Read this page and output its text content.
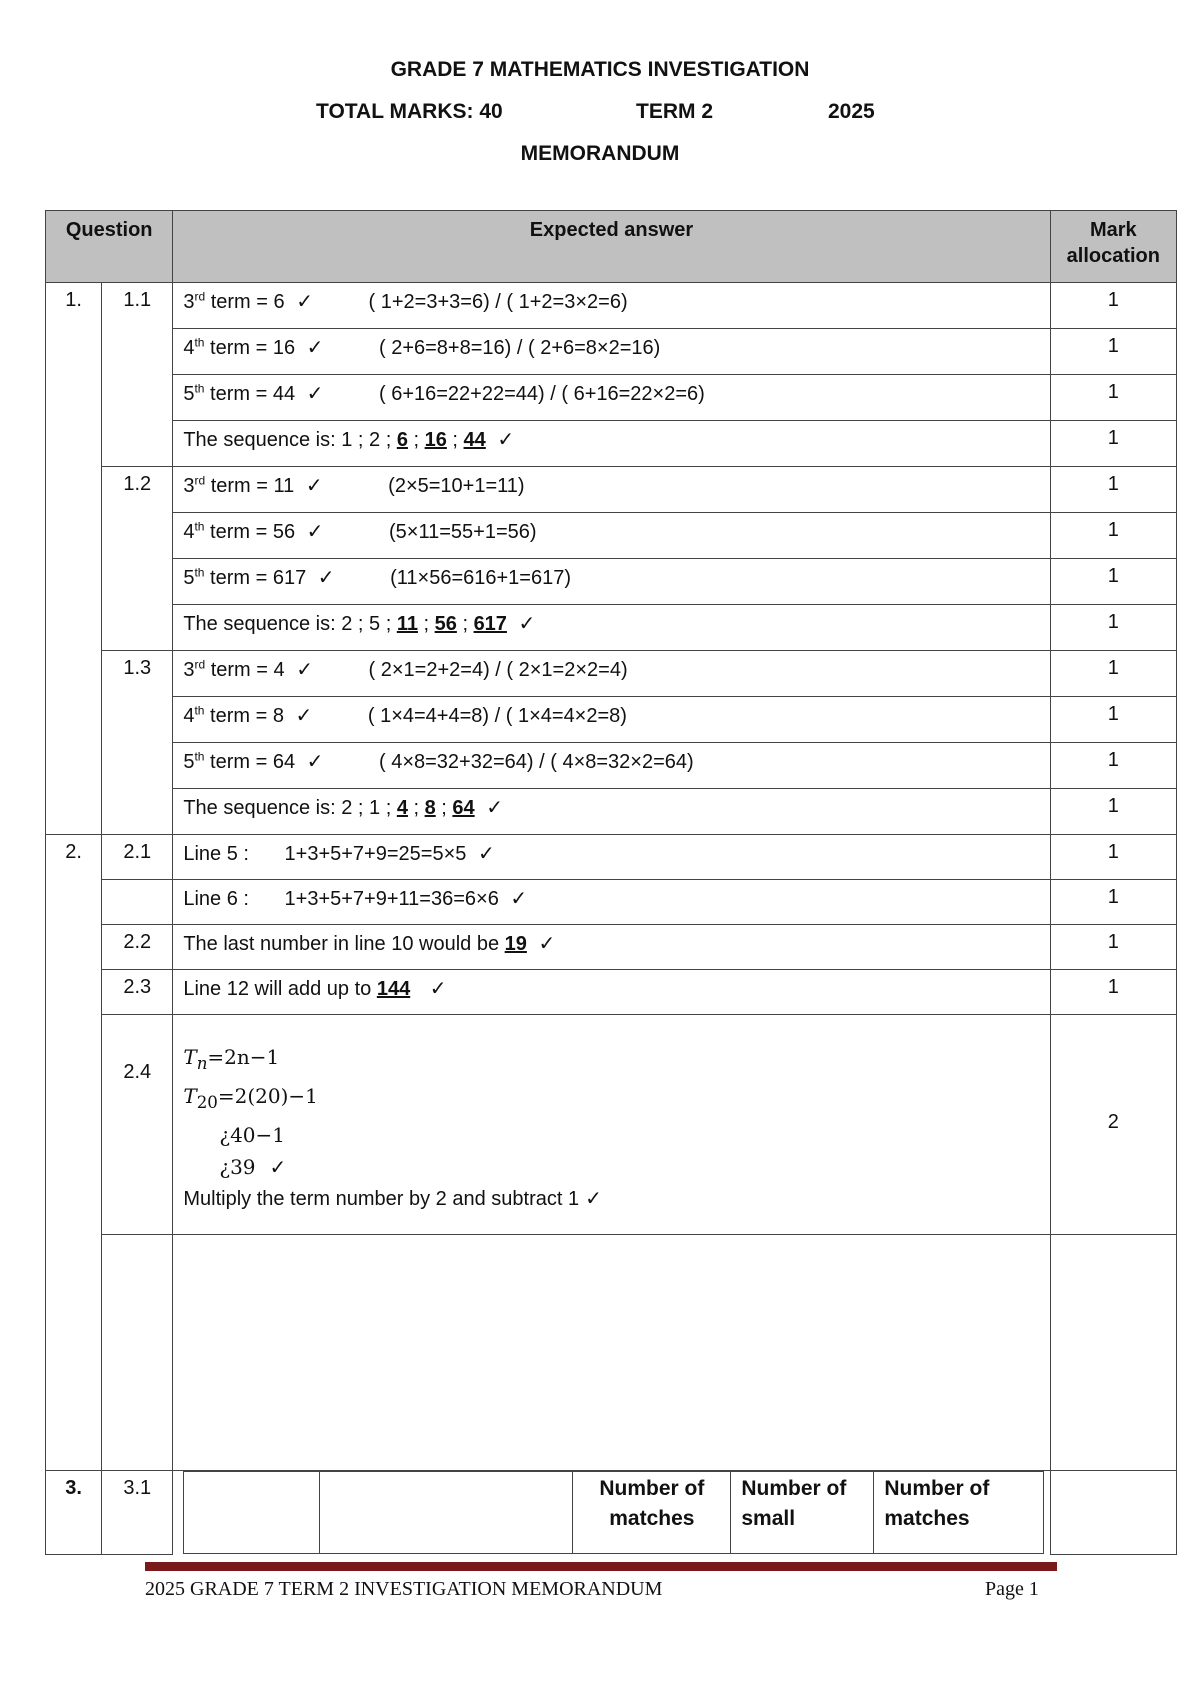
GRADE 7 MATHEMATICS INVESTIGATION
TOTAL MARKS: 40	TERM 2	2025
MEMORANDUM
Question	Expected answer	Mark
allocation

1.	1.1	3rd term = 6 ✓	( 1+2=3+3=6) / ( 1+2=3×2=6)	1
4th term = 16 ✓	( 2+6=8+8=16) / ( 2+6=8×2=16)	1
5th term = 44 ✓	( 6+16=22+22=44) / ( 6+16=22×2=6)	1
The sequence is: 1 ; 2 ; 6 ; 16 ; 44 ✓	1
1.2	3rd term = 11 ✓	(2×5=10+1=11)	1
4th term = 56 ✓	(5×11=55+1=56)	1
5th term = 617 ✓	(11×56=616+1=617)	1
The sequence is: 2 ; 5 ; 11 ; 56 ; 617 ✓	1
1.3	3rd term = 4 ✓	( 2×1=2+2=4) / ( 2×1=2×2=4)	1
4th term = 8 ✓	( 1×4=4+4=8) / ( 1×4=4×2=8)	1
5th term = 64 ✓	( 4×8=32+32=64) / ( 4×8=32×2=64)	1
The sequence is: 2 ; 1 ; 4 ; 8 ; 64 ✓	1
2.	2.1	Line 5 : 1+3+5+7+9=25=5×5 ✓	1
	Line 6 : 1+3+5+7+9+11=36=6×6 ✓	1
2.2	The last number in line 10 would be 19 ✓	1
2.3	Line 12 will add up to 144 ✓	1
2.4	
$T_n=2n-1$
$T_{20}=2(20)-1$
¿40−1
¿39 ✓
Multiply the term number by 2 and subtract 1 ✓
	2

3.	3.1	
			Number of matches	Number of small	Number of matches

2025 GRADE 7 TERM 2 INVESTIGATION MEMORANDUM	Page 1
